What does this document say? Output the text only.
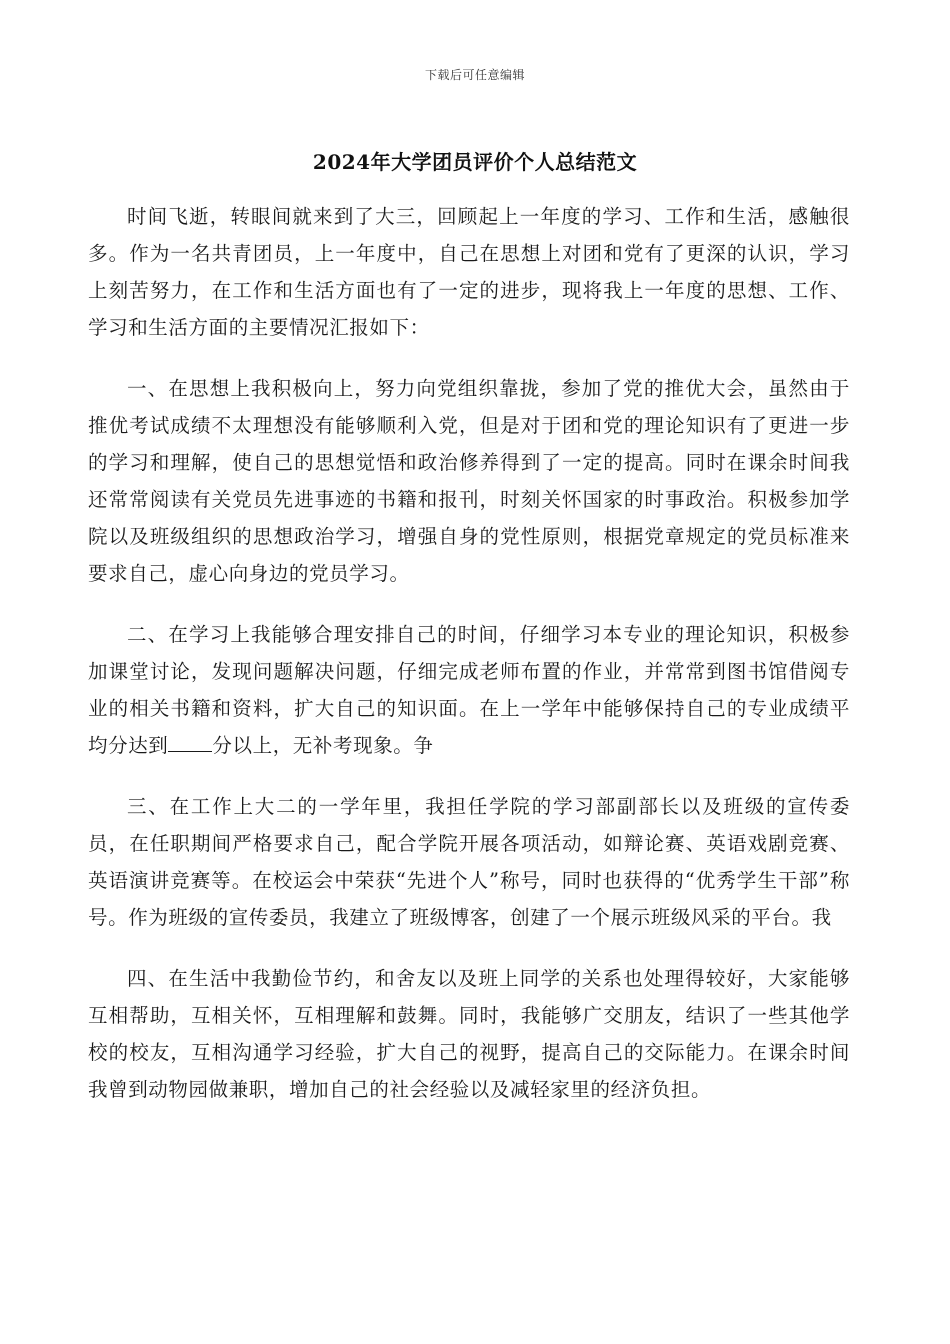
下载后可任意编辑
2024年大学团员评价个人总结范文

时间飞逝，转眼间就来到了大三，回顾起上一年度的学习、工作和生活，感触很多。作为一名共青团员，上一年度中，自己在思想上对团和党有了更深的认识，学习上刻苦努力，在工作和生活方面也有了一定的进步，现将我上一年度的思想、工作、学习和生活方面的主要情况汇报如下：

一、在思想上我积极向上，努力向党组织靠拢，参加了党的推优大会，虽然由于推优考试成绩不太理想没有能够顺利入党，但是对于团和党的理论知识有了更进一步的学习和理解，使自己的思想觉悟和政治修养得到了一定的提高。同时在课余时间我还常常阅读有关党员先进事迹的书籍和报刊，时刻关怀国家的时事政治。积极参加学院以及班级组织的思想政治学习，增强自身的党性原则，根据党章规定的党员标准来要求自己，虚心向身边的党员学习。

二、在学习上我能够合理安排自己的时间，仔细学习本专业的理论知识，积极参加课堂讨论，发现问题解决问题，仔细完成老师布置的作业，并常常到图书馆借阅专业的相关书籍和资料，扩大自己的知识面。在上一学年中能够保持自己的专业成绩平均分达到 分以上，无补考现象。争

三、在工作上大二的一学年里，我担任学院的学习部副部长以及班级的宣传委员，在任职期间严格要求自己，配合学院开展各项活动，如辩论赛、英语戏剧竞赛、英语演讲竞赛等。在校运会中荣获“先进个人”称号，同时也获得的“优秀学生干部”称号。作为班级的宣传委员，我建立了班级博客，创建了一个展示班级风采的平台。我

四、在生活中我勤俭节约，和舍友以及班上同学的关系也处理得较好，大家能够互相帮助，互相关怀，互相理解和鼓舞。同时，我能够广交朋友，结识了一些其他学校的校友，互相沟通学习经验，扩大自己的视野，提高自己的交际能力。在课余时间我曾到动物园做兼职，增加自己的社会经验以及减轻家里的经济负担。
